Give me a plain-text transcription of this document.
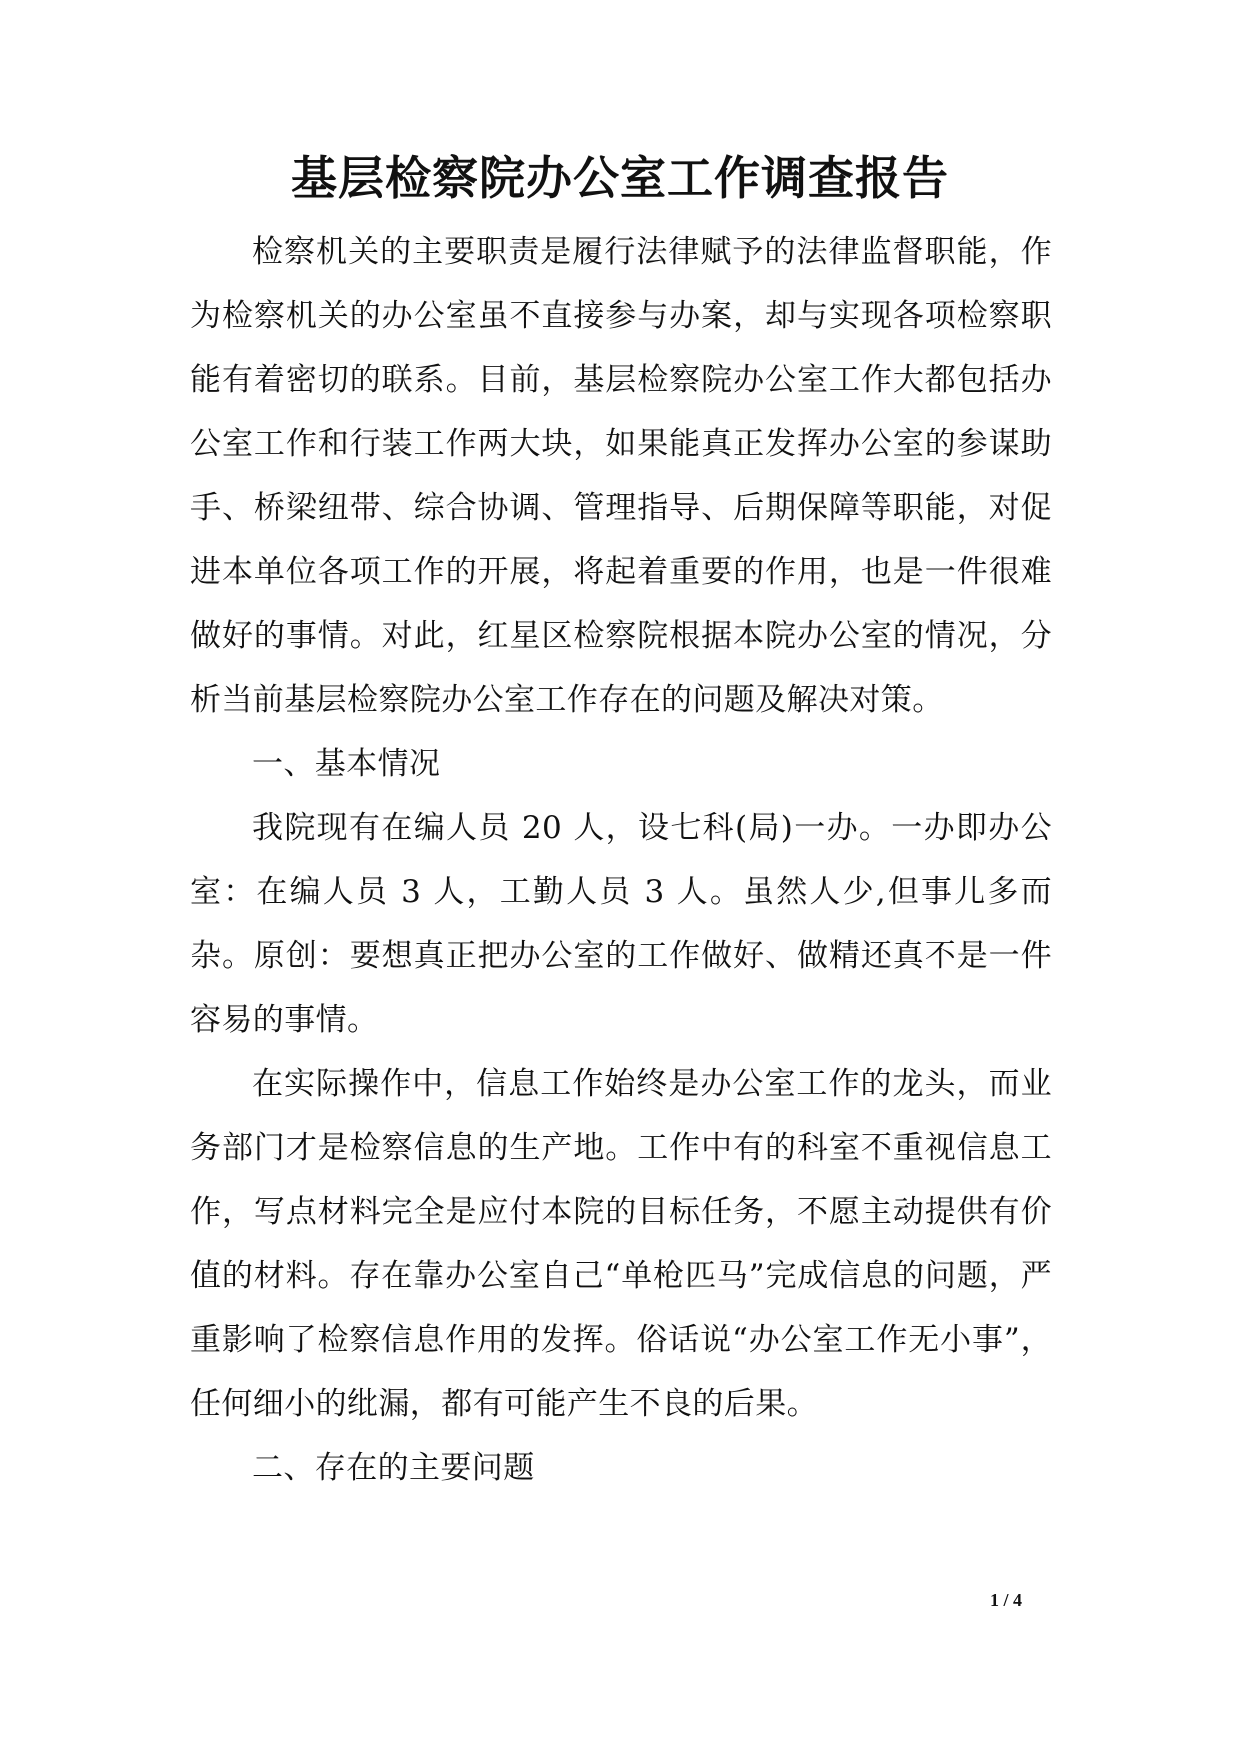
基层检察院办公室工作调查报告

检察机关的主要职责是履行法律赋予的法律监督职能，作为检察机关的办公室虽不直接参与办案，却与实现各项检察职能有着密切的联系。目前，基层检察院办公室工作大都包括办公室工作和行装工作两大块，如果能真正发挥办公室的参谋助手、桥梁纽带、综合协调、管理指导、后期保障等职能，对促进本单位各项工作的开展，将起着重要的作用，也是一件很难做好的事情。对此，红星区检察院根据本院办公室的情况，分析当前基层检察院办公室工作存在的问题及解决对策。

一、基本情况

我院现有在编人员 20 人，设七科(局)一办。一办即办公室：在编人员 3 人，工勤人员 3 人。虽然人少,但事儿多而杂。原创：要想真正把办公室的工作做好、做精还真不是一件容易的事情。

在实际操作中，信息工作始终是办公室工作的龙头，而业务部门才是检察信息的生产地。工作中有的科室不重视信息工作，写点材料完全是应付本院的目标任务，不愿主动提供有价值的材料。存在靠办公室自己“单枪匹马”完成信息的问题，严重影响了检察信息作用的发挥。俗话说“办公室工作无小事”，任何细小的纰漏，都有可能产生不良的后果。

二、存在的主要问题

1 / 4
